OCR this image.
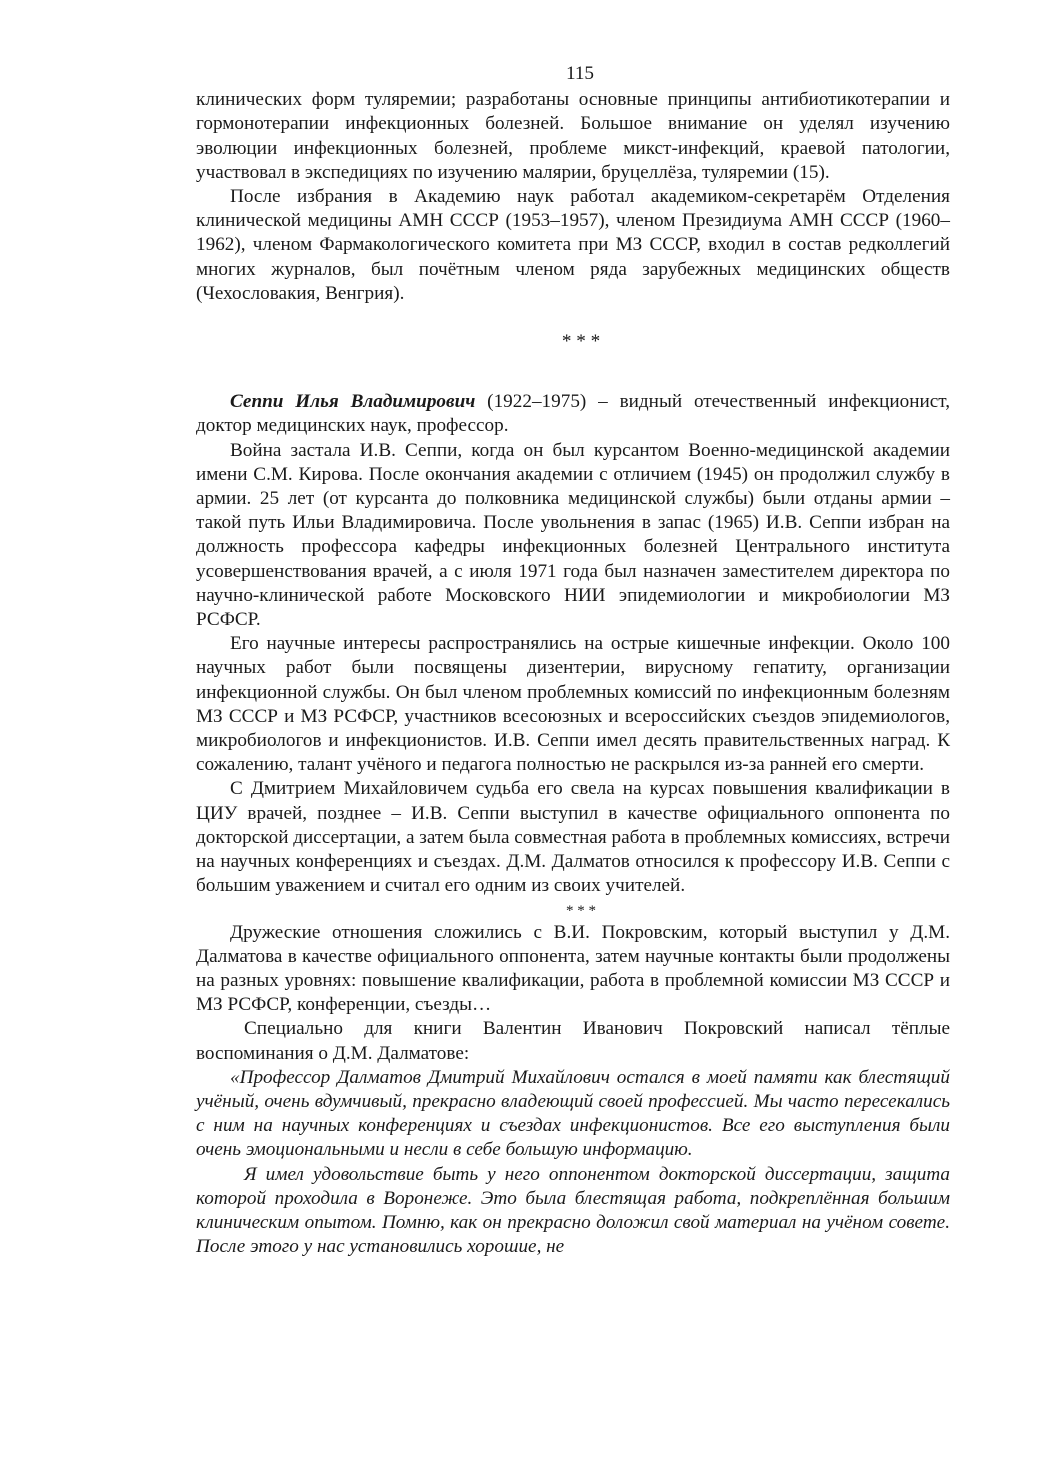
115

клинических форм туляремии; разработаны основные принципы антибиотикотерапии и гормонотерапии инфекционных болезней. Большое внимание он уделял изучению эволюции инфекционных болезней, проблеме микст-инфекций, краевой патологии, участвовал в экспедициях по изучению малярии, бруцеллёза, туляремии (15).

После избрания в Академию наук работал академиком-секретарём Отделения клинической медицины АМН СССР (1953–1957), членом Президиума АМН СССР (1960–1962), членом Фармакологического комитета при МЗ СССР, входил в состав редколлегий многих журналов, был почётным членом ряда зарубежных медицинских обществ (Чехословакия, Венгрия).

* * *

Сеппи Илья Владимирович (1922–1975) – видный отечественный инфекционист, доктор медицинских наук, профессор.

Война застала И.В. Сеппи, когда он был курсантом Военно-медицинской академии имени С.М. Кирова. После окончания академии с отличием (1945) он продолжил службу в армии. 25 лет (от курсанта до полковника медицинской службы) были отданы армии – такой путь Ильи Владимировича. После увольнения в запас (1965) И.В. Сеппи избран на должность профессора кафедры инфекционных болезней Центрального института усовершенствования врачей, а с июля 1971 года был назначен заместителем директора по научно-клинической работе Московского НИИ эпидемиологии и микробиологии МЗ РСФСР.

Его научные интересы распространялись на острые кишечные инфекции. Около 100 научных работ были посвящены дизентерии, вирусному гепатиту, организации инфекционной службы. Он был членом проблемных комиссий по инфекционным болезням МЗ СССР и МЗ РСФСР, участников всесоюзных и всероссийских съездов эпидемиологов, микробиологов и инфекционистов. И.В. Сеппи имел десять правительственных наград. К сожалению, талант учёного и педагога полностью не раскрылся из-за ранней его смерти.

С Дмитрием Михайловичем судьба его свела на курсах повышения квалификации в ЦИУ врачей, позднее – И.В. Сеппи выступил в качестве официального оппонента по докторской диссертации, а затем была совместная работа в проблемных комиссиях, встречи на научных конференциях и съездах. Д.М. Далматов относился к профессору И.В. Сеппи с большим уважением и считал его одним из своих учителей.

* * *

Дружеские отношения сложились с В.И. Покровским, который выступил у Д.М. Далматова в качестве официального оппонента, затем научные контакты были продолжены на разных уровнях: повышение квалификации, работа в проблемной комиссии МЗ СССР и МЗ РСФСР, конференции, съезды…

Специально для книги Валентин Иванович Покровский написал тёплые воспоминания о Д.М. Далматове:

«Профессор Далматов Дмитрий Михайлович остался в моей памяти как блестящий учёный, очень вдумчивый, прекрасно владеющий своей профессией. Мы часто пересекались с ним на научных конференциях и съездах инфекционистов. Все его выступления были очень эмоциональными и несли в себе большую информацию.

Я имел удовольствие быть у него оппонентом докторской диссертации, защита которой проходила в Воронеже. Это была блестящая работа, подкреплённая большим клиническим опытом. Помню, как он прекрасно доложил свой материал на учёном совете. После этого у нас установились хорошие, не
